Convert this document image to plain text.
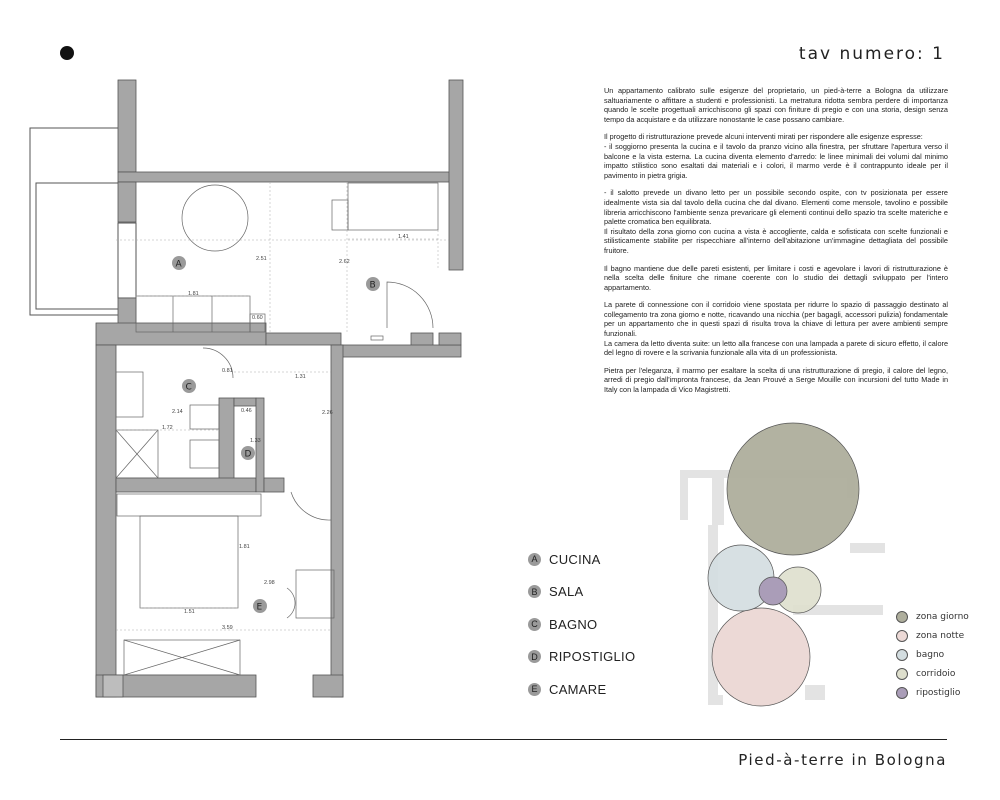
tav numero: 1
1.41
2.51	2.62
1.81
0.60
0.81
1.31
2.14	0.46
1.72
1.33
2.26
1.81
2.98
1.51
3.59
A
B
C
D
E

Un appartamento calibrato sulle esigenze del proprietario, un pied-à-terre a Bologna da utilizzare saltuariamente o affittare a studenti e professionisti. La metratura ridotta sembra perdere di importanza quando le scelte progettuali arricchiscono gli spazi con finiture di pregio e con una storia, design senza tempo da acquistare e da utilizzare nonostante le case possano cambiare.

Il progetto di ristrutturazione prevede alcuni interventi mirati per rispondere alle esigenze espresse:
- il soggiorno presenta la cucina e il tavolo da pranzo vicino alla finestra, per sfruttare l'apertura verso il balcone e la vista esterna. La cucina diventa elemento d'arredo: le linee minimali dei volumi dal minimo impatto stilistico sono esaltati dai materiali e i colori, il marmo verde è il contrappunto ideale per il pavimento in pietra grigia.

- il salotto prevede un divano letto per un possibile secondo ospite, con tv posizionata per essere idealmente vista sia dal tavolo della cucina che dal divano. Elementi come mensole, tavolino e possibile libreria arricchiscono l'ambiente senza prevaricare gli elementi continui dello spazio tra scelte materiche e palette cromatica ben equilibrata.
Il risultato della zona giorno con cucina a vista è accogliente, calda e sofisticata con scelte funzionali e stilisticamente stabilite per rispecchiare all'interno dell'abitazione un'immagine dettagliata del possibile fruitore.

Il bagno mantiene due delle pareti esistenti, per limitare i costi e agevolare i lavori di ristrutturazione è nella scelta delle finiture che rimane coerente con lo studio dei dettagli sviluppato per l'intero appartamento.

La parete di connessione con il corridoio viene spostata per ridurre lo spazio di passaggio destinato al collegamento tra zona giorno e notte, ricavando una nicchia (per bagagli, accessori pulizia) fondamentale per un appartamento che in questi spazi di risulta trova la chiave di lettura per avere ambienti sempre funzionali.
La camera da letto diventa suite: un letto alla francese con una lampada a parete di sicuro effetto, il calore del legno di rovere e la scrivania funzionale alla vita di un professionista.

Pietra per l'eleganza, il marmo per esaltare la scelta di una ristrutturazione di pregio, il calore del legno, arredi di pregio dall'impronta francese, da Jean Prouvé a Serge Mouille con incursioni del tutto Made in Italy con la lampada di Vico Magistretti.

A CUCINA
B SALA
C BAGNO
D RIPOSTIGLIO
E CAMARE
zona giorno
zona notte
bagno
corridoio
ripostiglio
Pied-à-terre in Bologna
